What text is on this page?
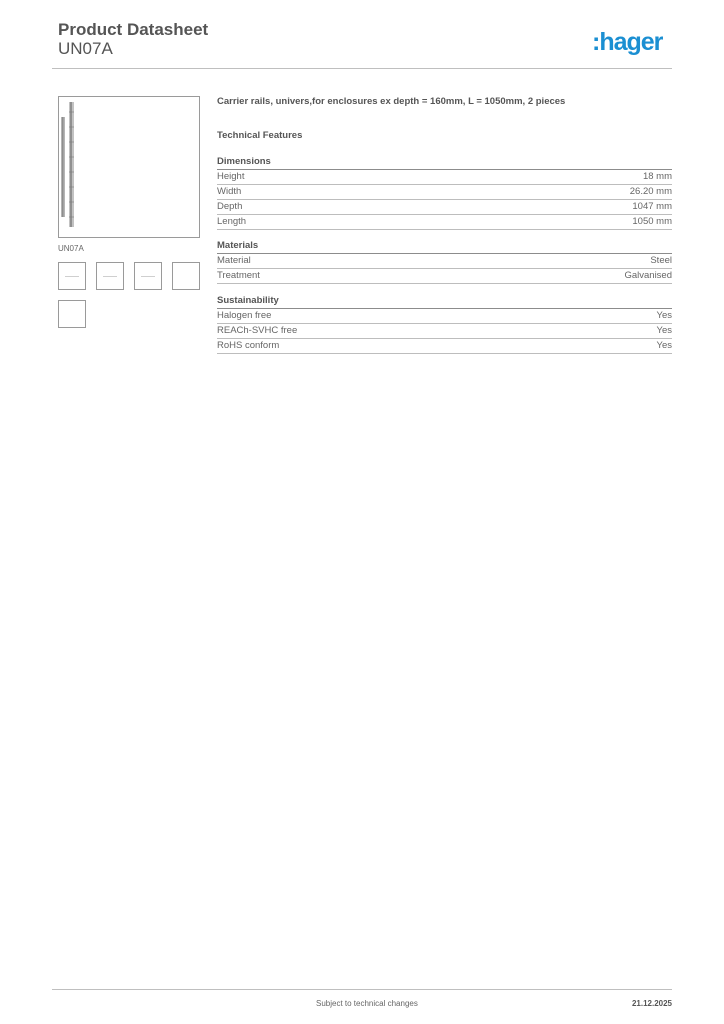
Product Datasheet
UN07A	:hager
UN07A

Carrier rails, univers,for enclosures ex depth = 160mm, L = 1050mm, 2 pieces

Technical Features
Dimensions
Height	18 mm
Width	26.20 mm
Depth	1047 mm
Length	1050 mm
Materials
Material	Steel
Treatment	Galvanised
Sustainability
Halogen free	Yes
REACh-SVHC free	Yes
RoHS conform	Yes
Subject to technical changes	21.12.2025
